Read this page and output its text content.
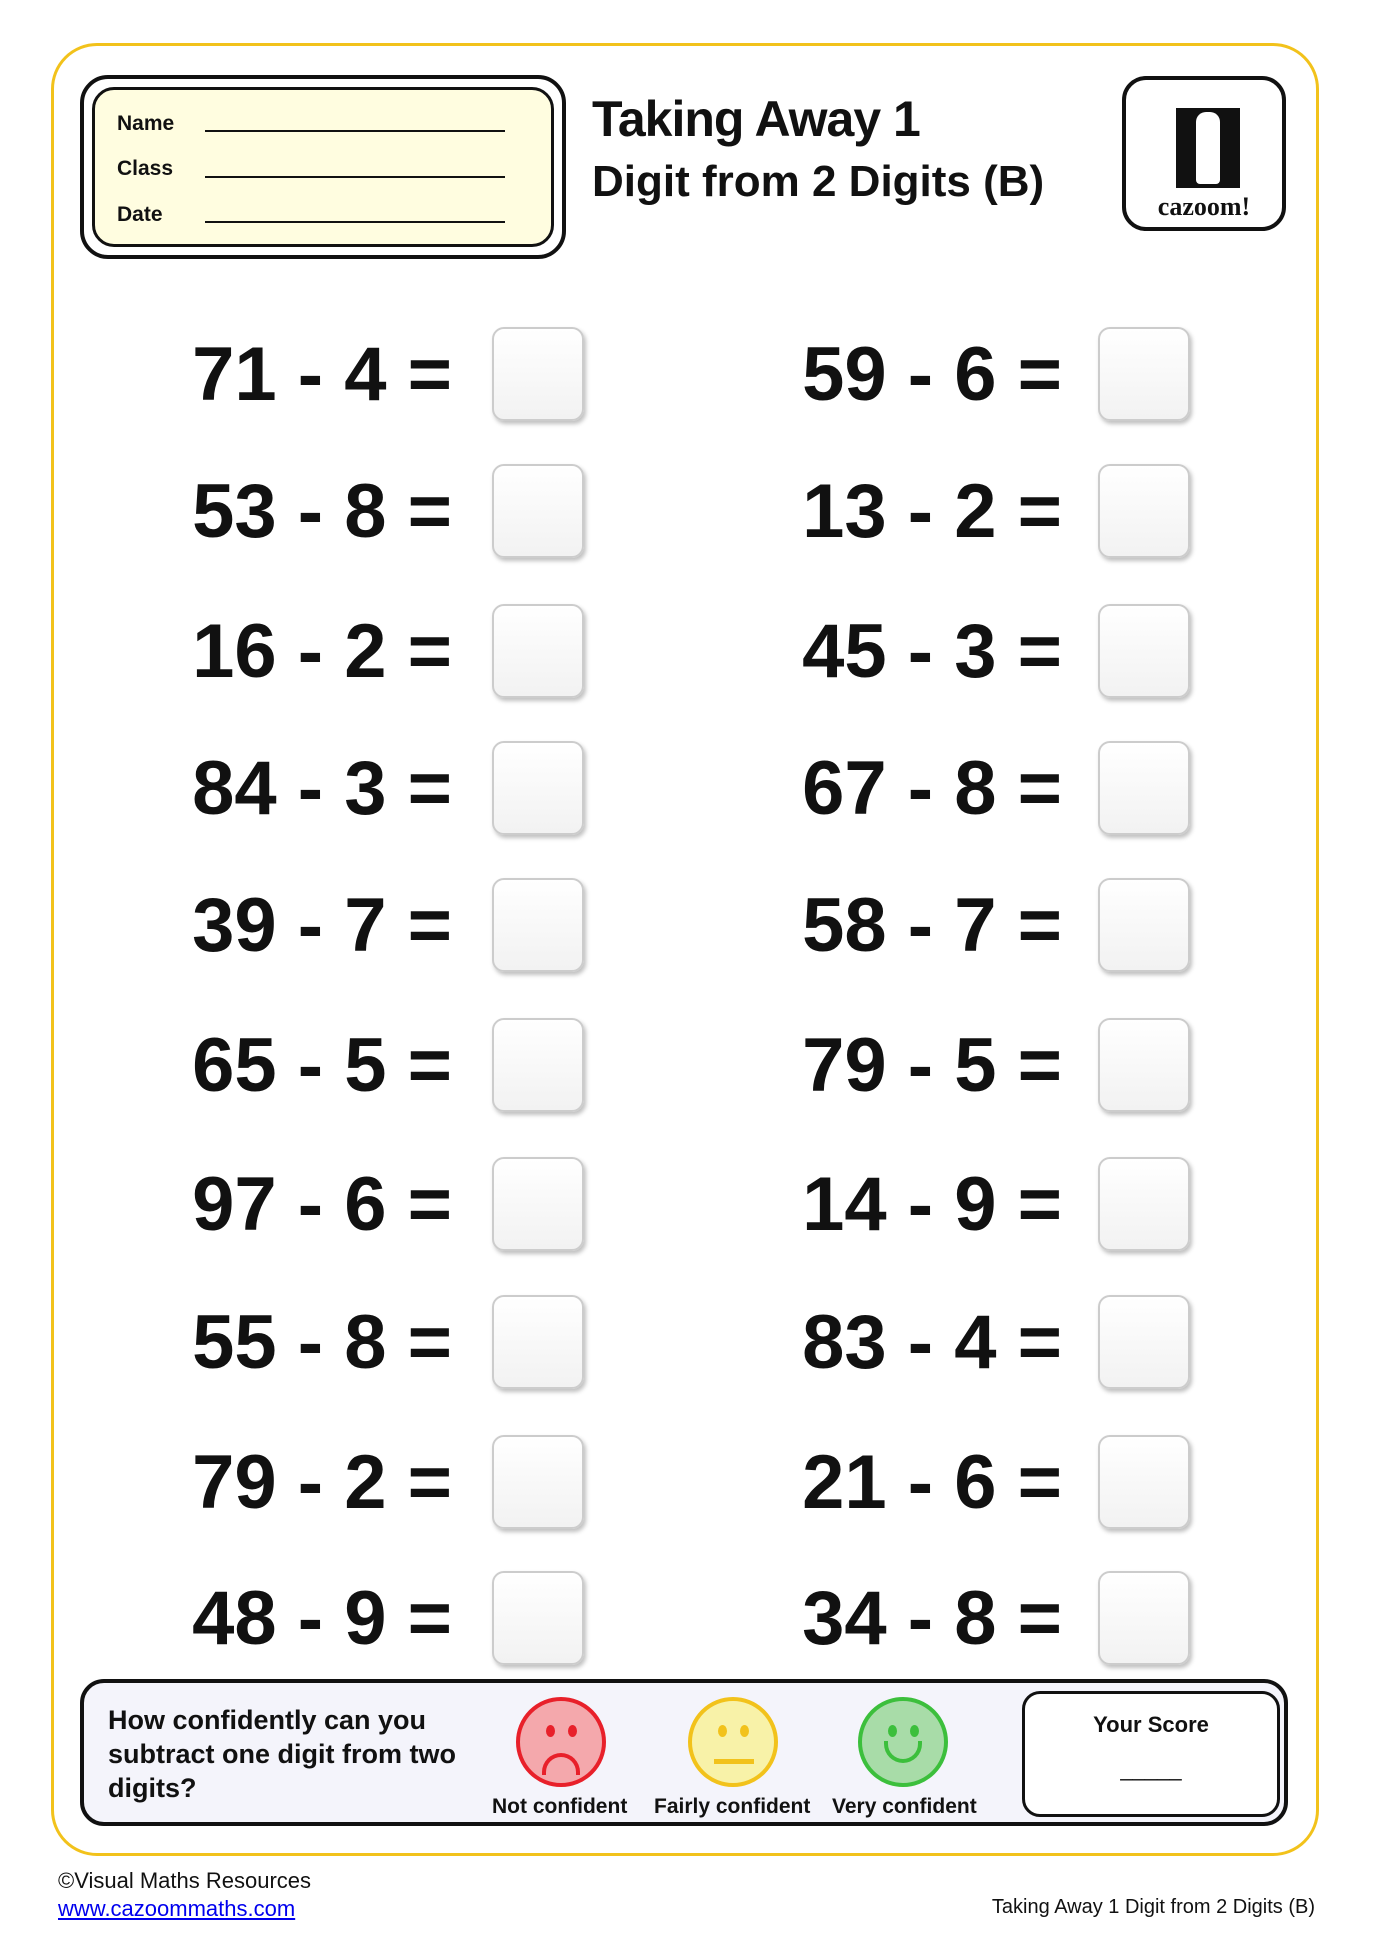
Name
Class
Date
Taking Away 1
Digit from 2 Digits (B)
cazoom!
71 - 4 =
53 - 8 =
16 - 2 =
84 - 3 =
39 - 7 =
65 - 5 =
97 - 6 =
55 - 8 =
79 - 2 =
48 - 9 =
59 - 6 =
13 - 2 =
45 - 3 =
67 - 8 =
58 - 7 =
79 - 5 =
14 - 9 =
83 - 4 =
21 - 6 =
34 - 8 =
How confidently can you subtract one digit from two digits?
Not confident Fairly confident Very confident
Your Score
_____
©Visual Maths Resources
www.cazoommaths.com	Taking Away 1 Digit from 2 Digits (B)
